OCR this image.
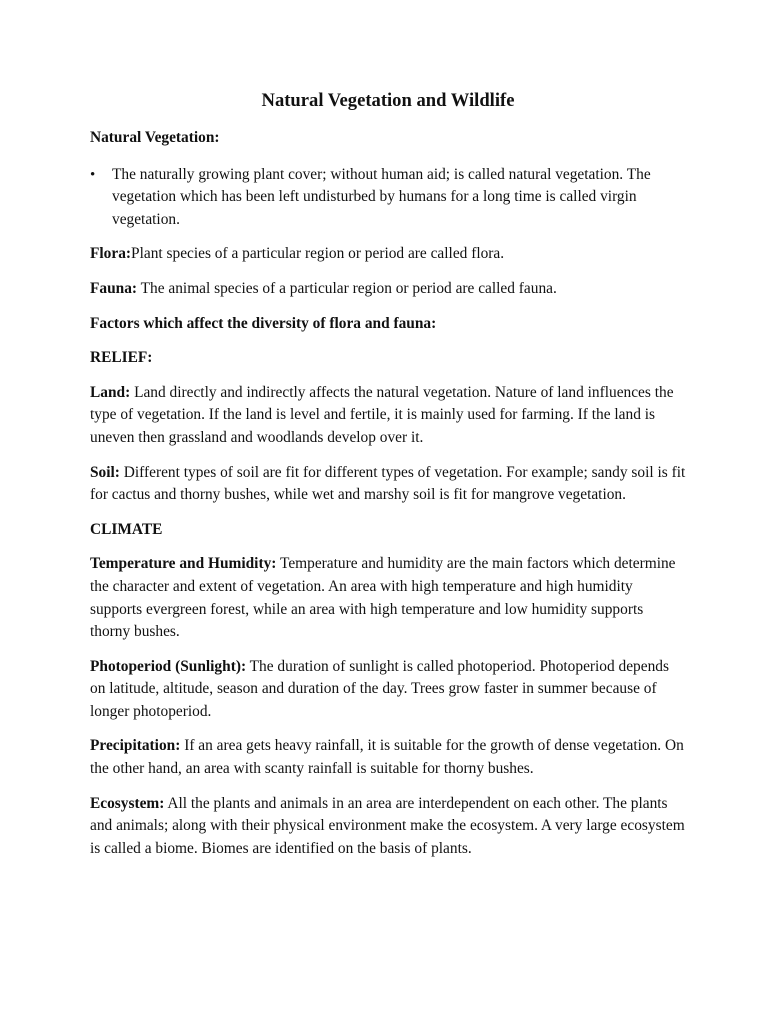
Natural Vegetation and Wildlife
Natural Vegetation:
•	The naturally growing plant cover; without human aid; is called natural vegetation. The vegetation which has been left undisturbed by humans for a long time is called virgin vegetation.
Flora:Plant species of a particular region or period are called flora.
Fauna: The animal species of a particular region or period are called fauna.
Factors which affect the diversity of flora and fauna:
RELIEF:
Land: Land directly and indirectly affects the natural vegetation. Nature of land influences the type of vegetation. If the land is level and fertile, it is mainly used for farming. If the land is uneven then grassland and woodlands develop over it.
Soil: Different types of soil are fit for different types of vegetation. For example; sandy soil is fit for cactus and thorny bushes, while wet and marshy soil is fit for mangrove vegetation.
CLIMATE
Temperature and Humidity: Temperature and humidity are the main factors which determine the character and extent of vegetation. An area with high temperature and high humidity supports evergreen forest, while an area with high temperature and low humidity supports thorny bushes.
Photoperiod (Sunlight): The duration of sunlight is called photoperiod. Photoperiod depends on latitude, altitude, season and duration of the day. Trees grow faster in summer because of longer photoperiod.
Precipitation: If an area gets heavy rainfall, it is suitable for the growth of dense vegetation. On the other hand, an area with scanty rainfall is suitable for thorny bushes.
Ecosystem: All the plants and animals in an area are interdependent on each other. The plants and animals; along with their physical environment make the ecosystem. A very large ecosystem is called a biome. Biomes are identified on the basis of plants.
